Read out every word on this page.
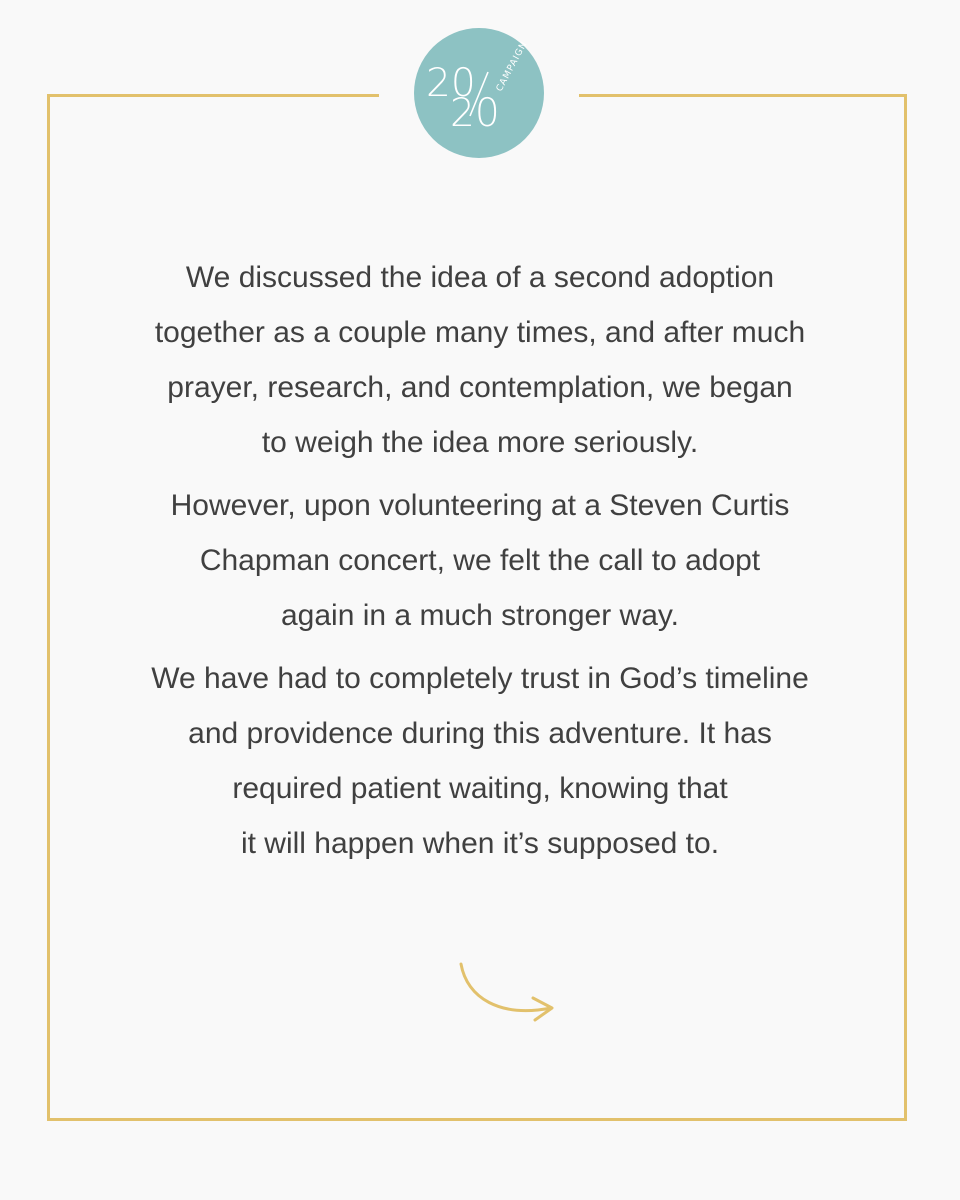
20
20
CAMPAIGN

We discussed the idea of a second adoption
together as a couple many times, and after much
prayer, research, and contemplation, we began
to weigh the idea more seriously.

However, upon volunteering at a Steven Curtis
Chapman concert, we felt the call to adopt
again in a much stronger way.

We have had to completely trust in God’s timeline
and providence during this adventure. It has
required patient waiting, knowing that
it will happen when it’s supposed to.
